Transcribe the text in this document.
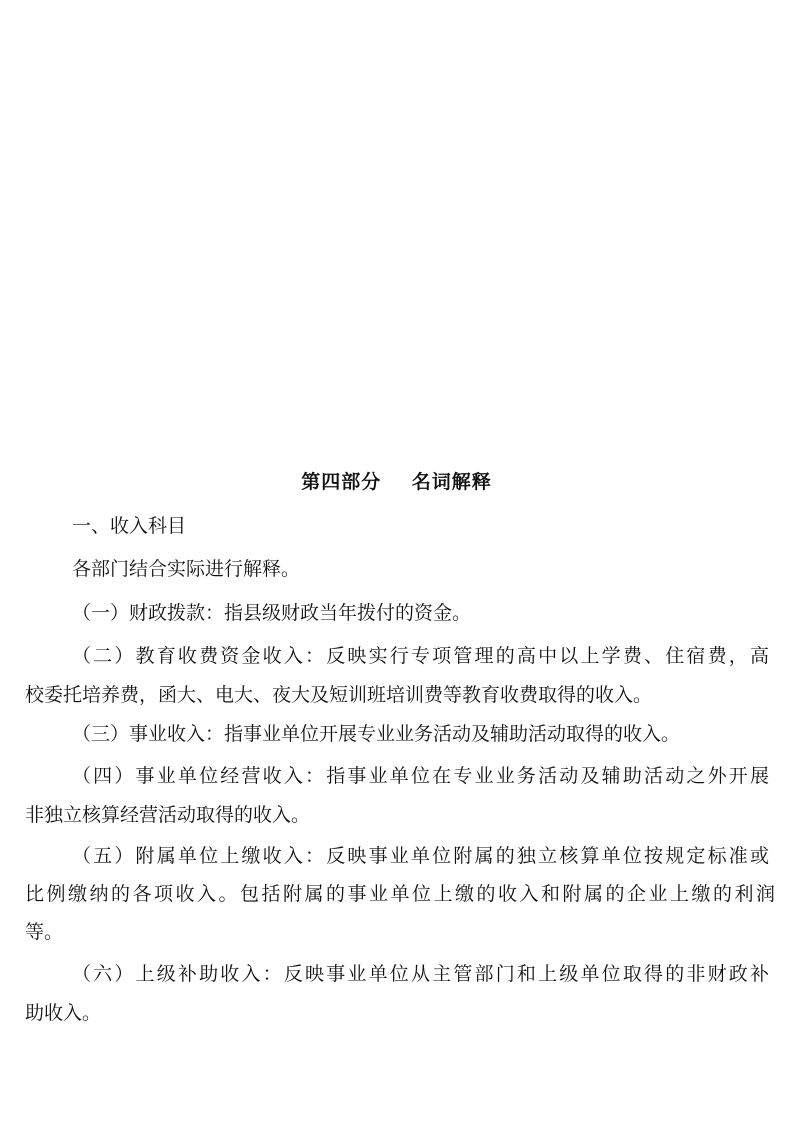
第四部分    名词解释
一、收入科目
各部门结合实际进行解释。
（一）财政拨款：指县级财政当年拨付的资金。
（二）教育收费资金收入：反映实行专项管理的高中以上学费、住宿费，高
校委托培养费，函大、电大、夜大及短训班培训费等教育收费取得的收入。
（三）事业收入：指事业单位开展专业业务活动及辅助活动取得的收入。
（四）事业单位经营收入：指事业单位在专业业务活动及辅助活动之外开展
非独立核算经营活动取得的收入。
（五）附属单位上缴收入：反映事业单位附属的独立核算单位按规定标准或
比例缴纳的各项收入。包括附属的事业单位上缴的收入和附属的企业上缴的利润
等。
（六）上级补助收入：反映事业单位从主管部门和上级单位取得的非财政补
助收入。
